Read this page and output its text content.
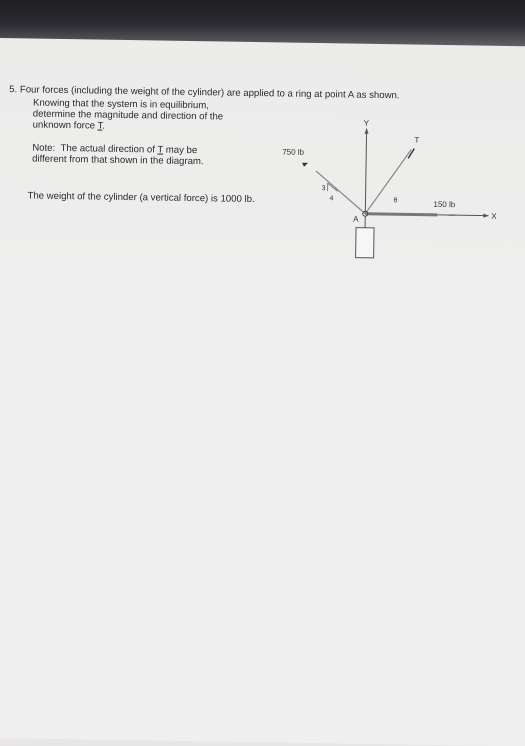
5. Four forces (including the weight of the cylinder) are applied to a ring at point A as shown.
Knowing that the system is in equilibrium,
determine the magnitude and direction of the
unknown force T.
Note: The actual direction of T may be
different from that shown in the diagram.
The weight of the cylinder (a vertical force) is 1000 lb.
Y
X
150 lb
T
θ
750 lb
3
4
A
